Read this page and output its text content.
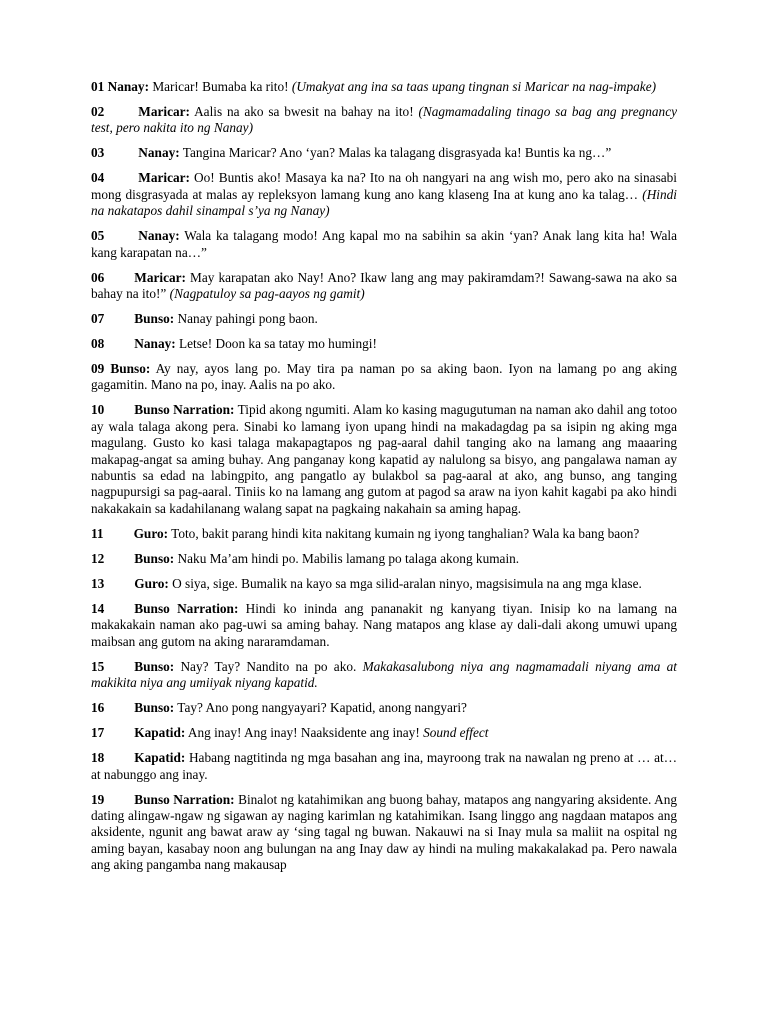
01 Nanay: Maricar! Bumaba ka rito! (Umakyat ang ina sa taas upang tingnan si Maricar na nag-impake)

02	Maricar: Aalis na ako sa bwesit na bahay na ito! (Nagmamadaling tinago sa bag ang pregnancy test, pero nakita ito ng Nanay)

03	Nanay: Tangina Maricar? Ano ‘yan? Malas ka talagang disgrasyada ka! Buntis ka ng…”

04	Maricar: Oo! Buntis ako! Masaya ka na? Ito na oh nangyari na ang wish mo, pero ako na sinasabi mong disgrasyada at malas ay repleksyon lamang kung ano kang klaseng Ina at kung ano ka talag… (Hindi na nakatapos dahil sinampal s’ya ng Nanay)

05	Nanay: Wala ka talagang modo! Ang kapal mo na sabihin sa akin ‘yan? Anak lang kita ha! Wala kang karapatan na…”

06 Maricar: May karapatan ako Nay! Ano? Ikaw lang ang may pakiramdam?! Sawang-sawa na ako sa bahay na ito!” (Nagpatuloy sa pag-aayos ng gamit)

07 Bunso: Nanay pahingi pong baon.

08 Nanay: Letse! Doon ka sa tatay mo humingi!

09 Bunso: Ay nay, ayos lang po. May tira pa naman po sa aking baon. Iyon na lamang po ang aking gagamitin. Mano na po, inay. Aalis na po ako.

10 Bunso Narration: Tipid akong ngumiti. Alam ko kasing magugutuman na naman ako dahil ang totoo ay wala talaga akong pera. Sinabi ko lamang iyon upang hindi na makadagdag pa sa isipin ng aking mga magulang. Gusto ko kasi talaga makapagtapos ng pag-aaral dahil tanging ako na lamang ang maaaring makapag-angat sa aming buhay. Ang panganay kong kapatid ay nalulong sa bisyo, ang pangalawa naman ay nabuntis sa edad na labingpito, ang pangatlo ay bulakbol sa pag-aaral at ako, ang bunso, ang tanging nagpupursigi sa pag-aaral. Tiniis ko na lamang ang gutom at pagod sa araw na iyon kahit kagabi pa ako hindi nakakakain sa kadahilanang walang sapat na pagkaing nakahain sa aming hapag.

11 Guro: Toto, bakit parang hindi kita nakitang kumain ng iyong tanghalian? Wala ka bang baon?

12 Bunso: Naku Ma’am hindi po. Mabilis lamang po talaga akong kumain.

13 Guro: O siya, sige. Bumalik na kayo sa mga silid-aralan ninyo, magsisimula na ang mga klase.

14 Bunso Narration: Hindi ko ininda ang pananakit ng kanyang tiyan. Inisip ko na lamang na makakakain naman ako pag-uwi sa aming bahay. Nang matapos ang klase ay dali-dali akong umuwi upang maibsan ang gutom na aking nararamdaman.

15 Bunso: Nay? Tay? Nandito na po ako. Makakasalubong niya ang nagmamadali niyang ama at makikita niya ang umiiyak niyang kapatid.

16 Bunso: Tay? Ano pong nangyayari? Kapatid, anong nangyari?

17 Kapatid: Ang inay! Ang inay! Naaksidente ang inay! Sound effect

18 Kapatid: Habang nagtitinda ng mga basahan ang ina, mayroong trak na nawalan ng preno at … at… at nabunggo ang inay.

19 Bunso Narration: Binalot ng katahimikan ang buong bahay, matapos ang nangyaring aksidente. Ang dating alingaw-ngaw ng sigawan ay naging karimlan ng katahimikan. Isang linggo ang nagdaan matapos ang aksidente, ngunit ang bawat araw ay ‘sing tagal ng buwan. Nakauwi na si Inay mula sa maliit na ospital ng aming bayan, kasabay noon ang bulungan na ang Inay daw ay hindi na muling makakalakad pa. Pero nawala ang aking pangamba nang makausap
